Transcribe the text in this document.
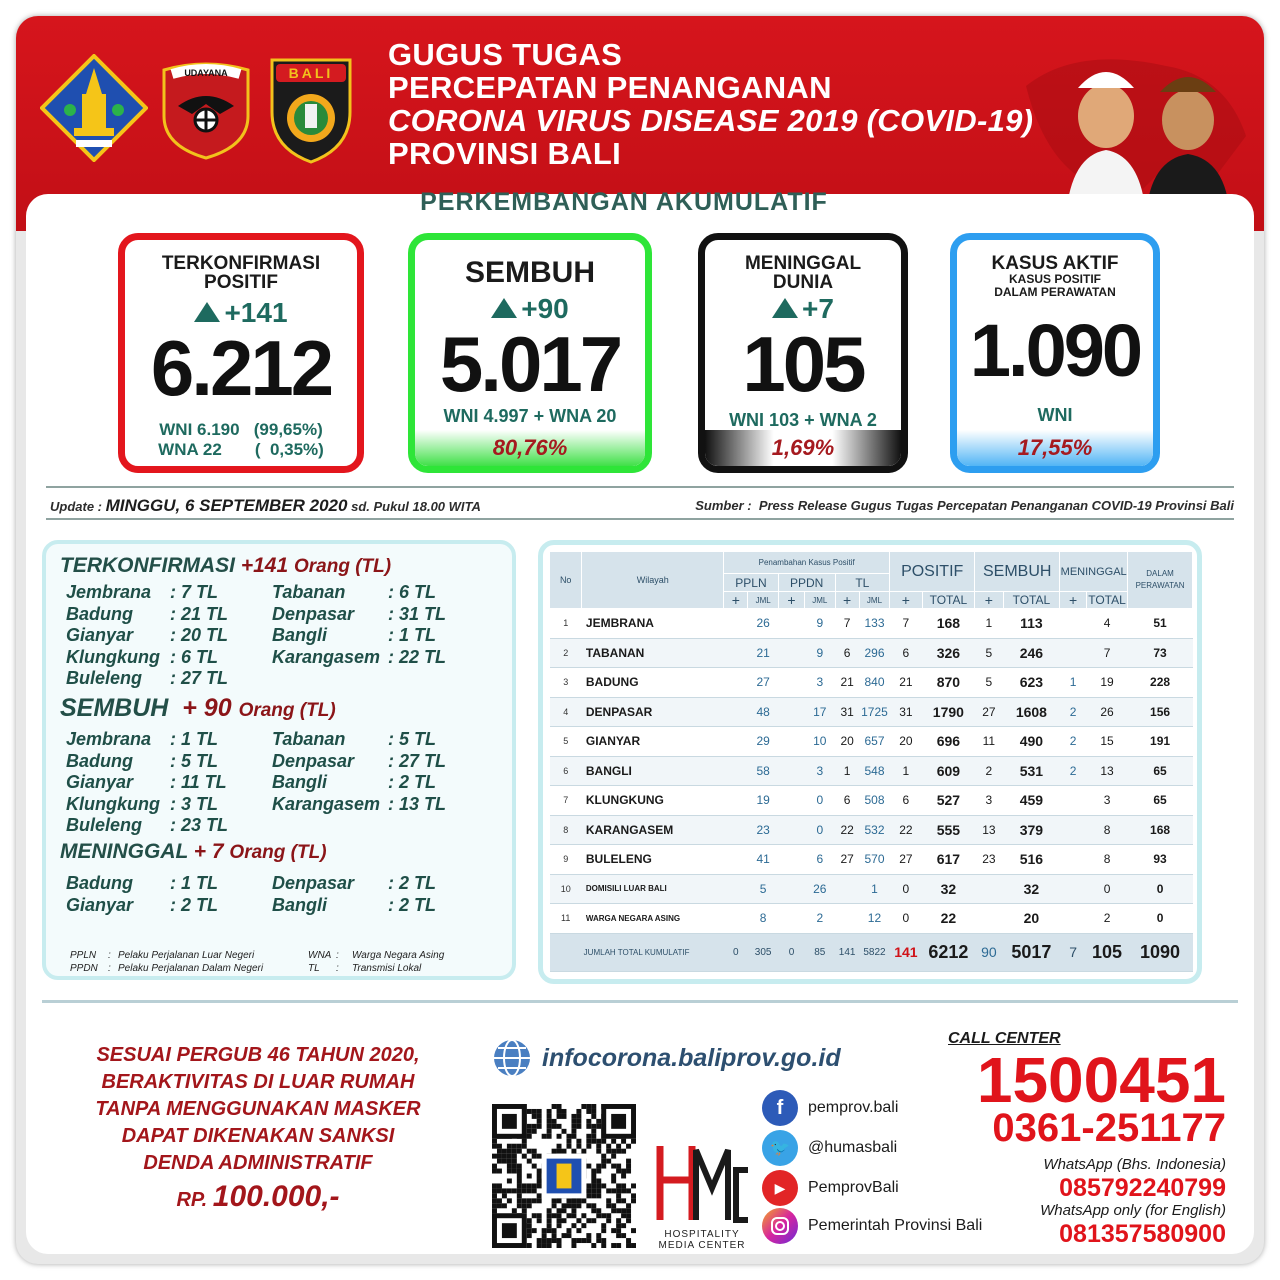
UDAYANA	BALI
GUGUS TUGAS
PERCEPATAN PENANGANAN
CORONA VIRUS DISEASE 2019 (COVID-19)
PROVINSI BALI
PERKEMBANGAN AKUMULATIF
TERKONFIRMASI
POSITIF
+141
6.212
WNI 6.190   (99,65%)
WNA 22       (  0,35%)
SEMBUH
+90
5.017
WNI 4.997 + WNA 20
80,76%
MENINGGAL
DUNIA
+7
105
WNI 103 + WNA 2
1,69%
KASUS AKTIF
KASUS POSITIF
DALAM PERAWATAN
1.090
WNI
17,55%
Update : MINGGU, 6 SEPTEMBER 2020 sd. Pukul 18.00 WITA	Sumber : Press Release Gugus Tugas Percepatan Penanganan COVID-19 Provinsi Bali
TERKONFIRMASI +141 Orang (TL)
Jembrana : 7 TL	Tabanan : 6 TL
Badung : 21 TL Denpasar : 31 TL
Gianyar : 20 TL Bangli	: 1 TL
Klungkung : 6 TL	Karangasem : 22 TL
Buleleng : 27 TL
SEMBUH + 90 Orang (TL)
Jembrana : 1 TL	Tabanan : 5 TL
Badung : 5 TL	Denpasar : 27 TL
Gianyar : 11 TL	Bangli	: 2 TL
Klungkung : 3 TL	Karangasem : 13 TL
Buleleng : 23 TL
MENINGGAL + 7 Orang (TL)
Badung : 1 TL	Denpasar : 2 TL
Gianyar : 2 TL	Bangli	: 2 TL
PPLN : Pelaku Perjalanan Luar Negeri	WNA : Warga Negara Asing
PPDN : Pelaku Perjalanan Dalam Negeri	TL : Transmisi Lokal
No	Wilayah	Penambahan Kasus Positif						POSITIF		SEMBUH		MENINGGAL		DALAM PERAWATAN
		PPLN		PPDN		TL								
		+	JML	+	JML	+	JML	+	TOTAL	+	TOTAL	+	TOTAL	
1	JEMBRANA		26		9	7	133	7	168	1	113		4	51
2	TABANAN		21		9	6	296	6	326	5	246		7	73
3	BADUNG		27		3	21	840	21	870	5	623	1	19	228
4	DENPASAR		48		17	31	1725	31	1790	27	1608	2	26	156
5	GIANYAR		29		10	20	657	20	696	11	490	2	15	191
6	BANGLI		58		3	1	548	1	609	2	531	2	13	65
7	KLUNGKUNG		19		0	6	508	6	527	3	459		3	65
8	KARANGASEM		23		0	22	532	22	555	13	379		8	168
9	BULELENG		41		6	27	570	27	617	23	516		8	93
10	DOMISILI LUAR BALI		5		26		1	0	32		32		0	0
11	WARGA NEGARA ASING		8		2		12	0	22		20		2	0
JUMLAH TOTAL KUMULATIF		0	305	0	85	141	5822	141	6212	90	5017	7	105	1090
SESUAI PERGUB 46 TAHUN 2020,
BERAKTIVITAS DI LUAR RUMAH
TANPA MENGGUNAKAN MASKER
DAPAT DIKENAKAN SANKSI
DENDA ADMINISTRATIF
RP. 100.000,-
infocorona.baliprov.go.id
HOSPITALITY
MEDIA CENTER
f	pemprov.bali
🐦	@humasbali
▶	PemprovBali
Pemerintah Provinsi Bali
CALL CENTER
1500451
0361-251177
WhatsApp (Bhs. Indonesia)
085792240799
WhatsApp only (for English)
081357580900
